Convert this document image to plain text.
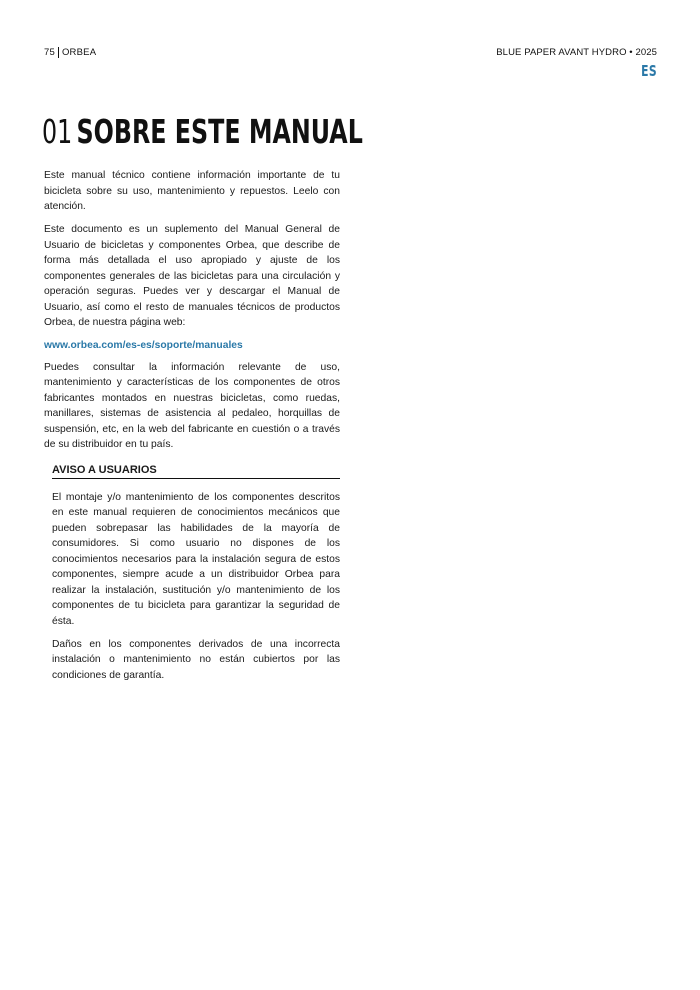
75 ORBEA	BLUE PAPER AVANT HYDRO • 2025
ES
01 SOBRE ESTE MANUAL

Este manual técnico contiene información importante de tu bicicleta sobre su uso, mantenimiento y repuestos. Leelo con atención.

Este documento es un suplemento del Manual General de Usuario de bicicletas y componentes Orbea, que describe de forma más detallada el uso apropiado y ajuste de los componentes generales de las bicicletas para una circulación y operación seguras. Puedes ver y descargar el Manual de Usuario, así como el resto de manuales técnicos de productos Orbea, de nuestra página web:

www.orbea.com/es-es/soporte/manuales

Puedes consultar la información relevante de uso, mantenimiento y características de los componentes de otros fabricantes montados en nuestras bicicletas, como ruedas, manillares, sistemas de asistencia al pedaleo, horquillas de suspensión, etc, en la web del fabricante en cuestión o a través de su distribuidor en tu país.

AVISO A USUARIOS

El montaje y/o mantenimiento de los componentes descritos en este manual requieren de conocimientos mecánicos que pueden sobrepasar las habilidades de la mayoría de consumidores. Si como usuario no dispones de los conocimientos necesarios para la instalación segura de estos componentes, siempre acude a un distribuidor Orbea para realizar la instalación, sustitución y/o mantenimiento de los componentes de tu bicicleta para garantizar la seguridad de ésta.

Daños en los componentes derivados de una incorrecta instalación o mantenimiento no están cubiertos por las condiciones de garantía.
